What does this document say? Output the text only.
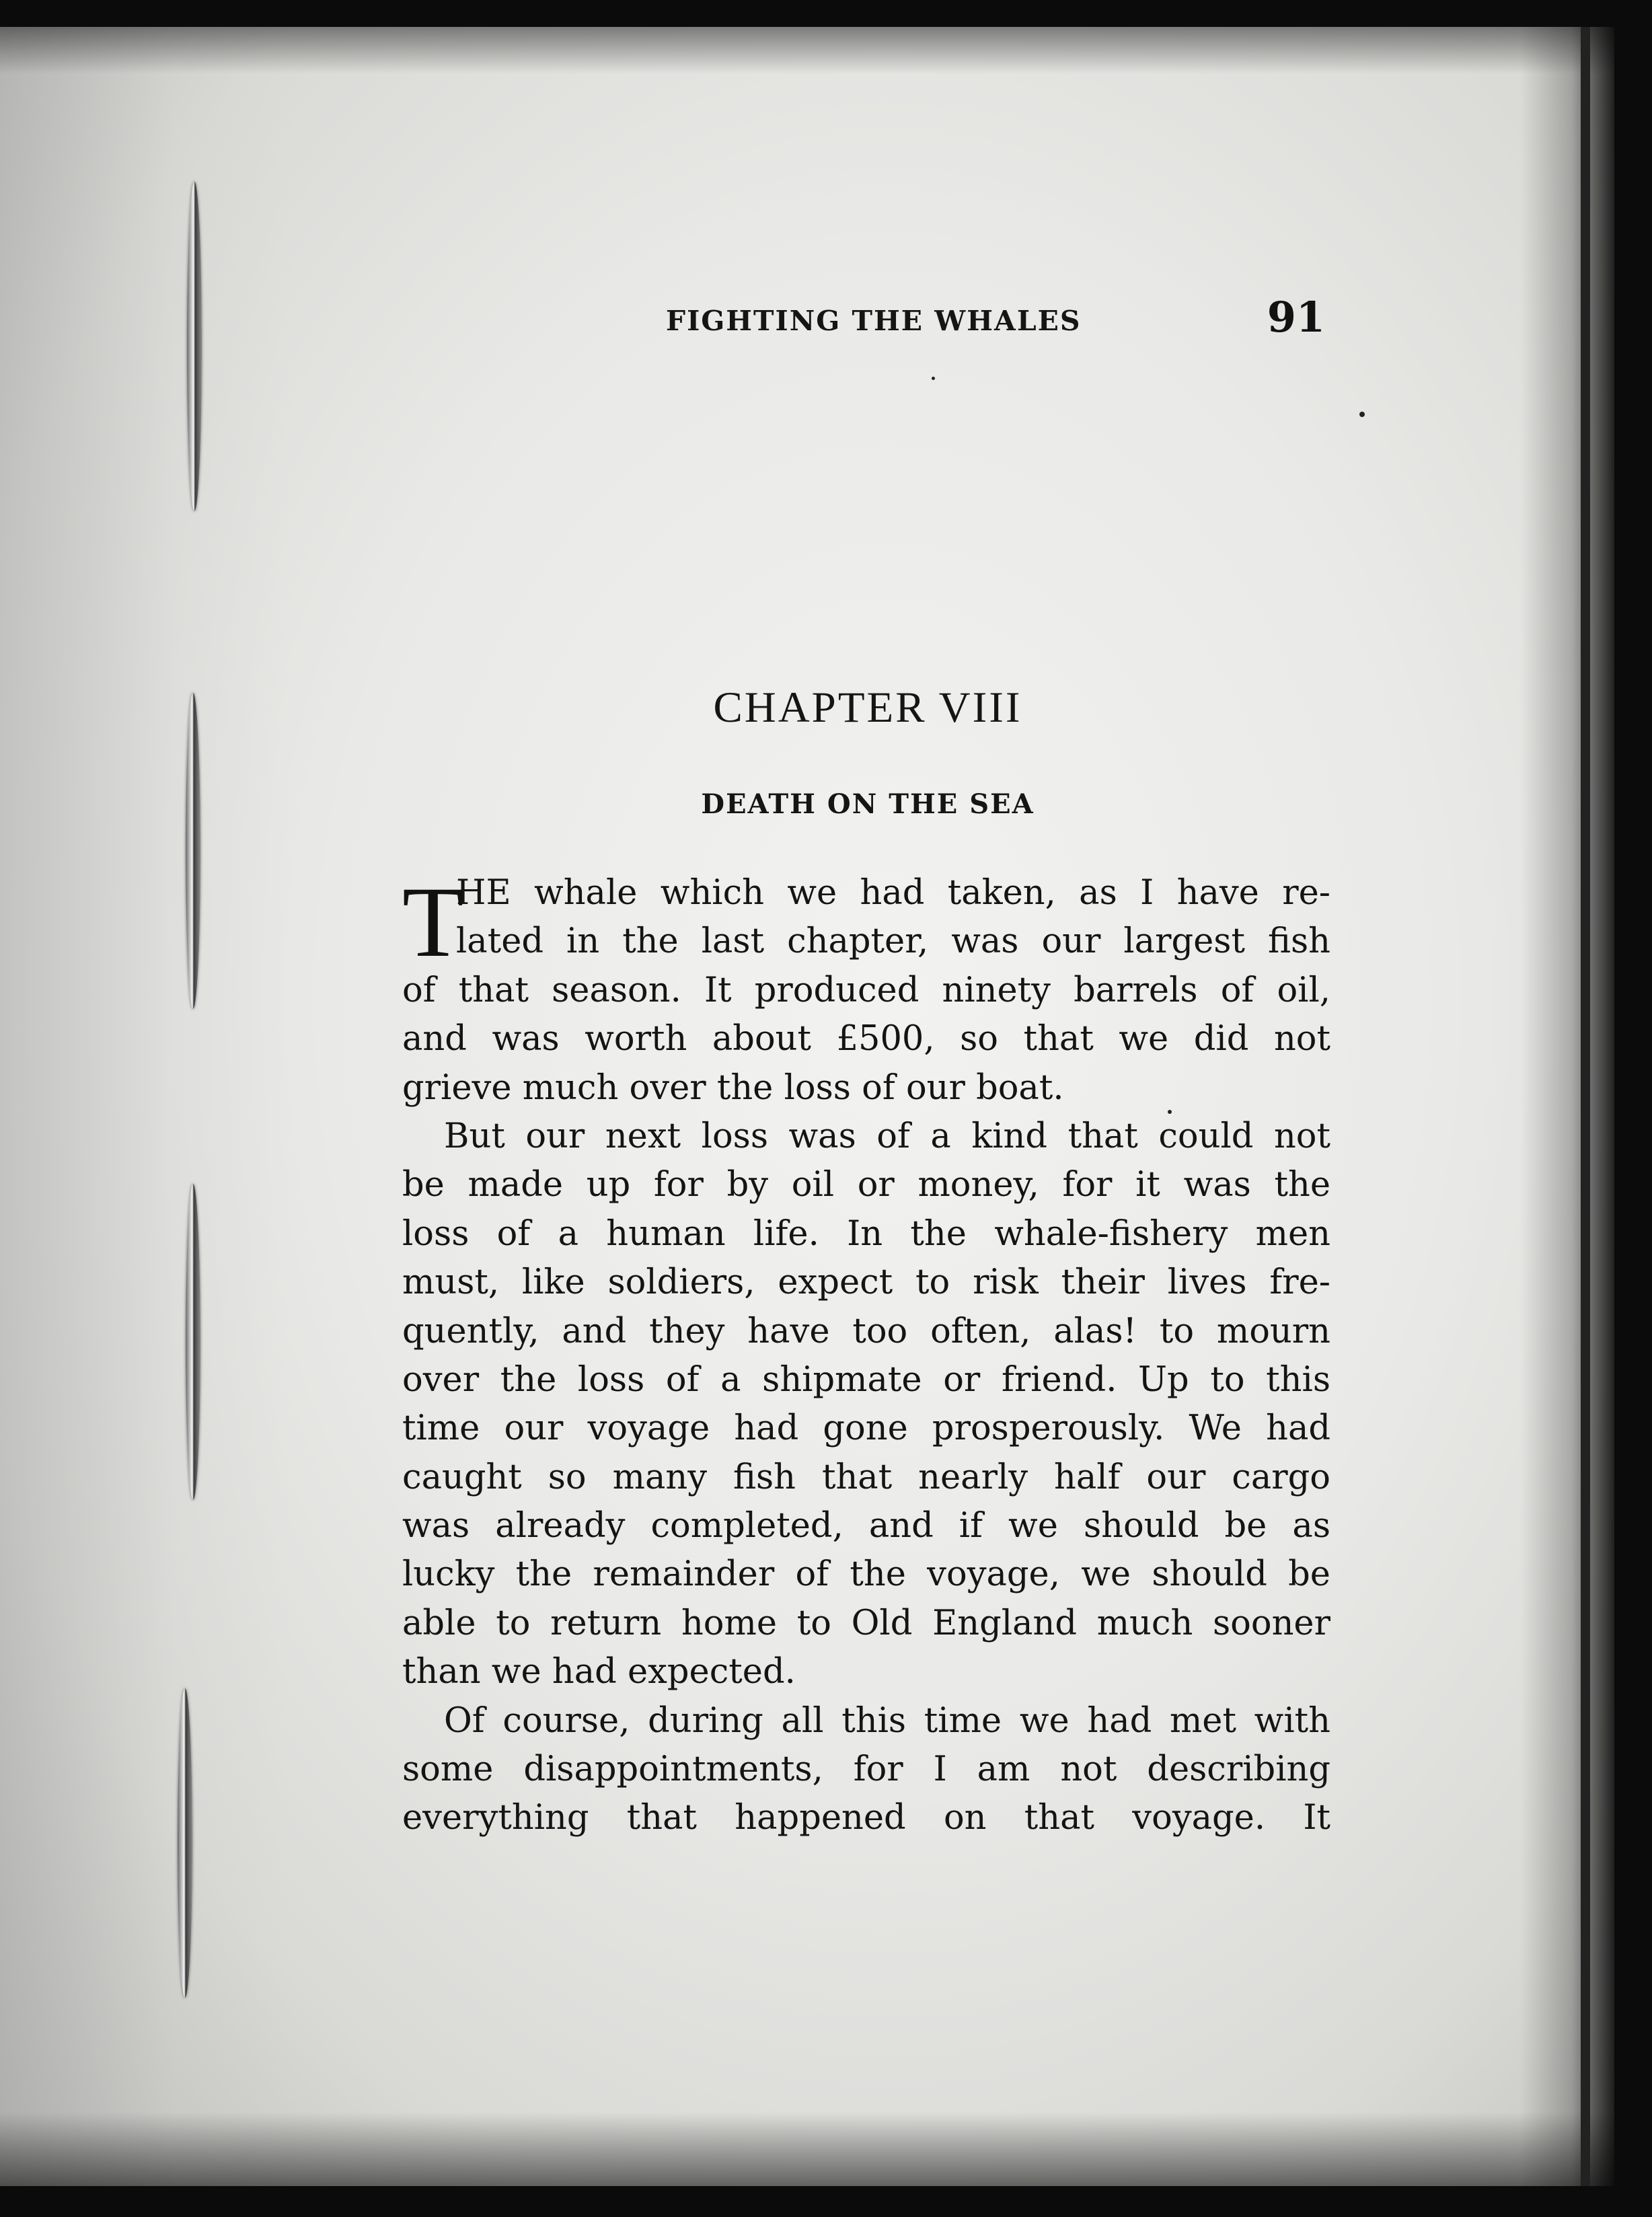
FIGHTING THE WHALES	91
CHAPTER VIII
DEATH ON THE SEA
T
HE whale which we had taken, as I have re-
lated in the last chapter, was our largest fish
of that season. It produced ninety barrels of oil,
and was worth about £500, so that we did not
grieve much over the loss of our boat.
But our next loss was of a kind that could not
be made up for by oil or money, for it was the
loss of a human life. In the whale-fishery men
must, like soldiers, expect to risk their lives fre-
quently, and they have too often, alas! to mourn
over the loss of a shipmate or friend. Up to this
time our voyage had gone prosperously. We had
caught so many fish that nearly half our cargo
was already completed, and if we should be as
lucky the remainder of the voyage, we should be
able to return home to Old England much sooner
than we had expected.
Of course, during all this time we had met with
some disappointments, for I am not describing
everything that happened on that voyage. It
